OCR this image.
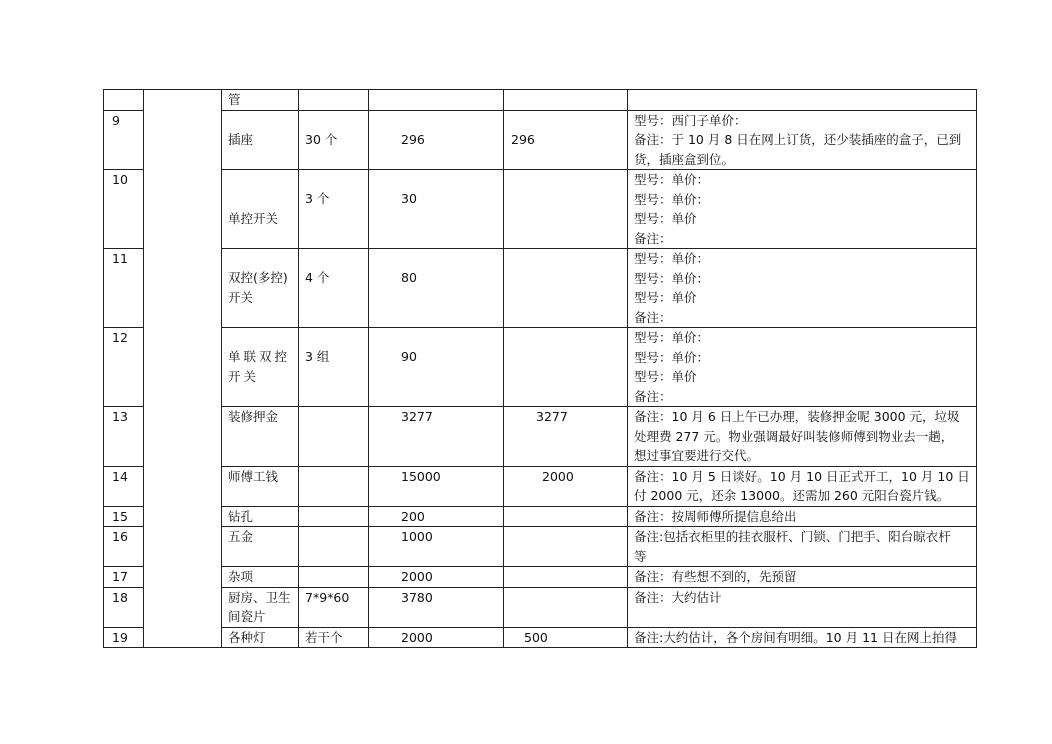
		管				
9		插座	30 个	296	296	型号：西门子单价：
备注：于 10 月 8 日在网上订货，还少装插座的盒子，已到
货，插座盒到位。

10		单控开关	3 个	30		型号：单价：
型号：单价：
型号：单价
备注：

11		双控(多控)开关	4 个	80		型号：单价：
型号：单价：
型号：单价
备注：

12		单联双控开关	3 组	90		型号：单价：
型号：单价：
型号：单价
备注：

13		装修押金		3277	3277	备注：10 月 6 日上午已办理，装修押金呢 3000 元，垃圾
处理费 277 元。物业强调最好叫装修师傅到物业去一趟，
想过事宜要进行交代。

14		师傅工钱		15000	2000	备注：10 月 5 日谈好。10 月 10 日正式开工，10 月 10 日
付 2000 元，还余 13000。还需加 260 元阳台瓷片钱。

15		钻孔		200		备注：按周师傅所提信息给出

16		五金		1000		备注:包括衣柜里的挂衣服杆、门锁、门把手、阳台晾衣杆
等

17		杂项		2000		备注：有些想不到的，先预留

18		厨房、卫生间瓷片	7*9*60	3780		备注：大约估计

19		各种灯	若干个	2000	500	备注:大约估计，各个房间有明细。10 月 11 日在网上拍得
